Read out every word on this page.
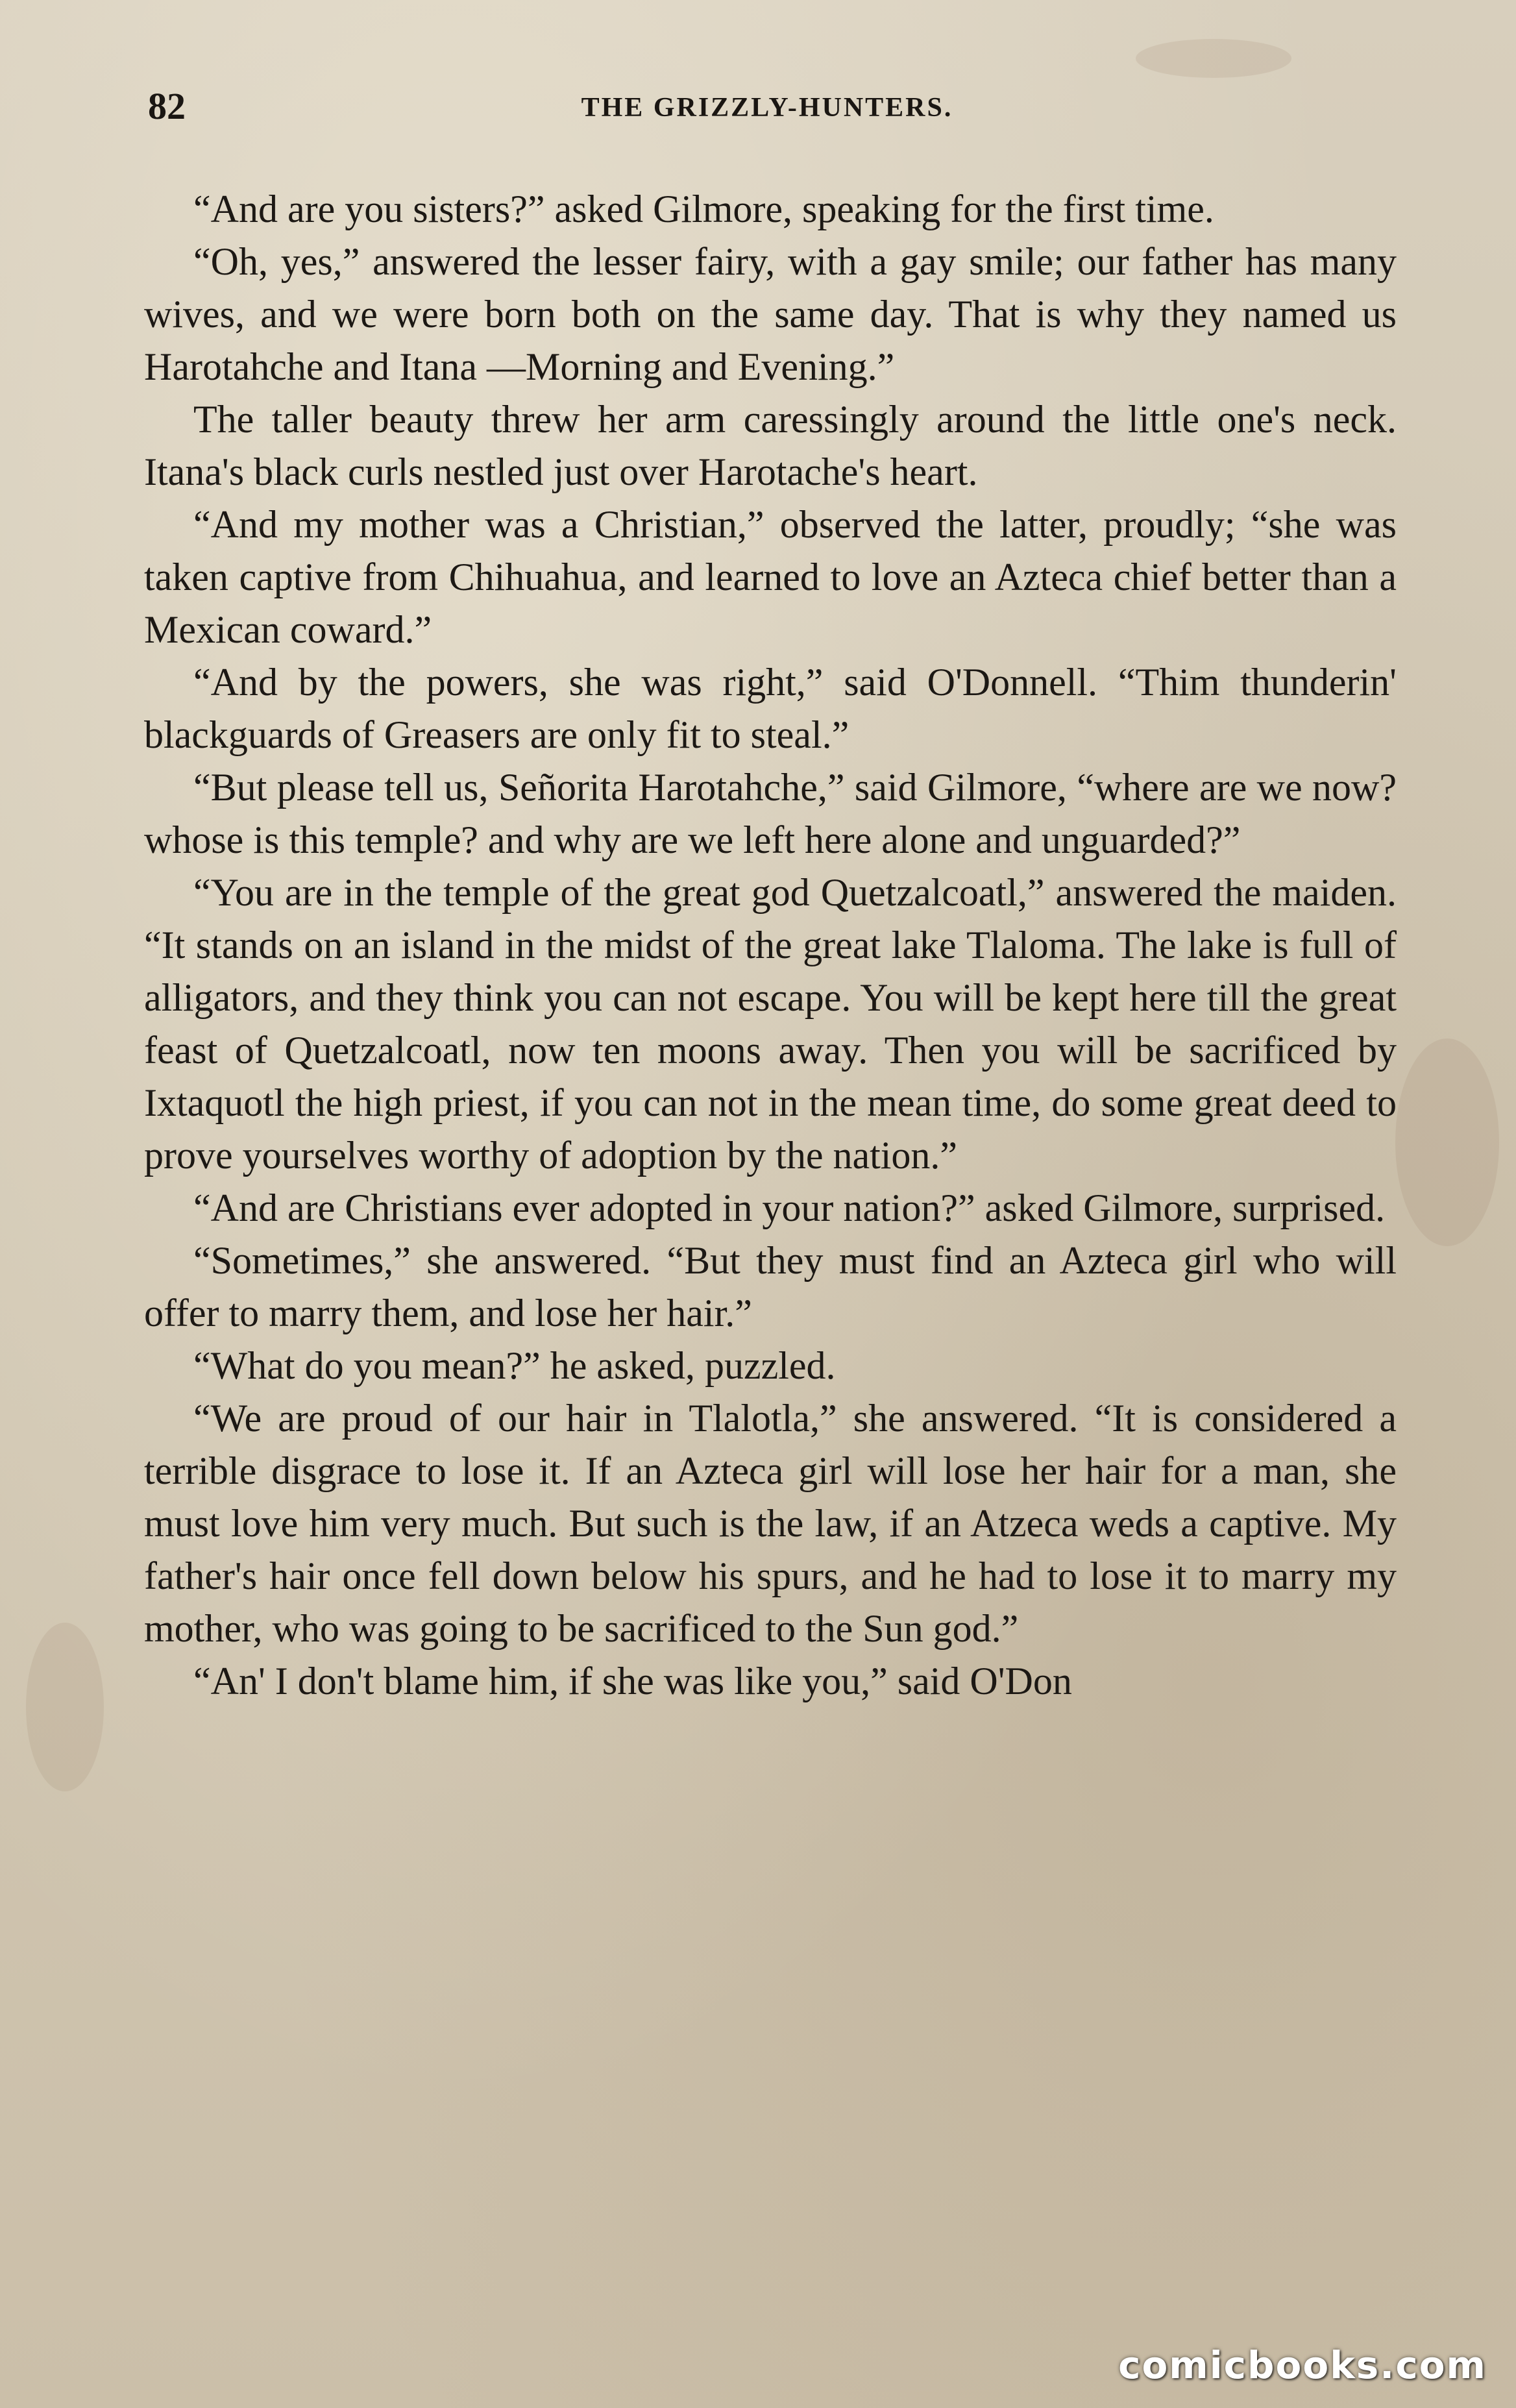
82	THE GRIZZLY-HUNTERS.

“And are you sisters?” asked Gilmore, speaking for the first time.

“Oh, yes,” answered the lesser fairy, with a gay smile; our father has many wives, and we were born both on the same day. That is why they named us Harotahche and Itana —Morning and Evening.”

The taller beauty threw her arm caressingly around the little one's neck. Itana's black curls nestled just over Harotache's heart.

“And my mother was a Christian,” observed the latter, proudly; “she was taken captive from Chihuahua, and learned to love an Azteca chief better than a Mexican coward.”

“And by the powers, she was right,” said O'Donnell. “Thim thunderin' blackguards of Greasers are only fit to steal.”

“But please tell us, Señorita Harotahche,” said Gilmore, “where are we now? whose is this temple? and why are we left here alone and unguarded?”

“You are in the temple of the great god Quetzalcoatl,” answered the maiden. “It stands on an island in the midst of the great lake Tlaloma. The lake is full of alligators, and they think you can not escape. You will be kept here till the great feast of Quetzalcoatl, now ten moons away. Then you will be sacrificed by Ixtaquotl the high priest, if you can not in the mean time, do some great deed to prove yourselves worthy of adoption by the nation.”

“And are Christians ever adopted in your nation?” asked Gilmore, surprised.

“Sometimes,” she answered. “But they must find an Azteca girl who will offer to marry them, and lose her hair.”

“What do you mean?” he asked, puzzled.

“We are proud of our hair in Tlalotla,” she answered. “It is considered a terrible disgrace to lose it. If an Azteca girl will lose her hair for a man, she must love him very much. But such is the law, if an Atzeca weds a captive. My father's hair once fell down below his spurs, and he had to lose it to marry my mother, who was going to be sacrificed to the Sun god.”

“An' I don't blame him, if she was like you,” said O'Don

comicbooks.com
